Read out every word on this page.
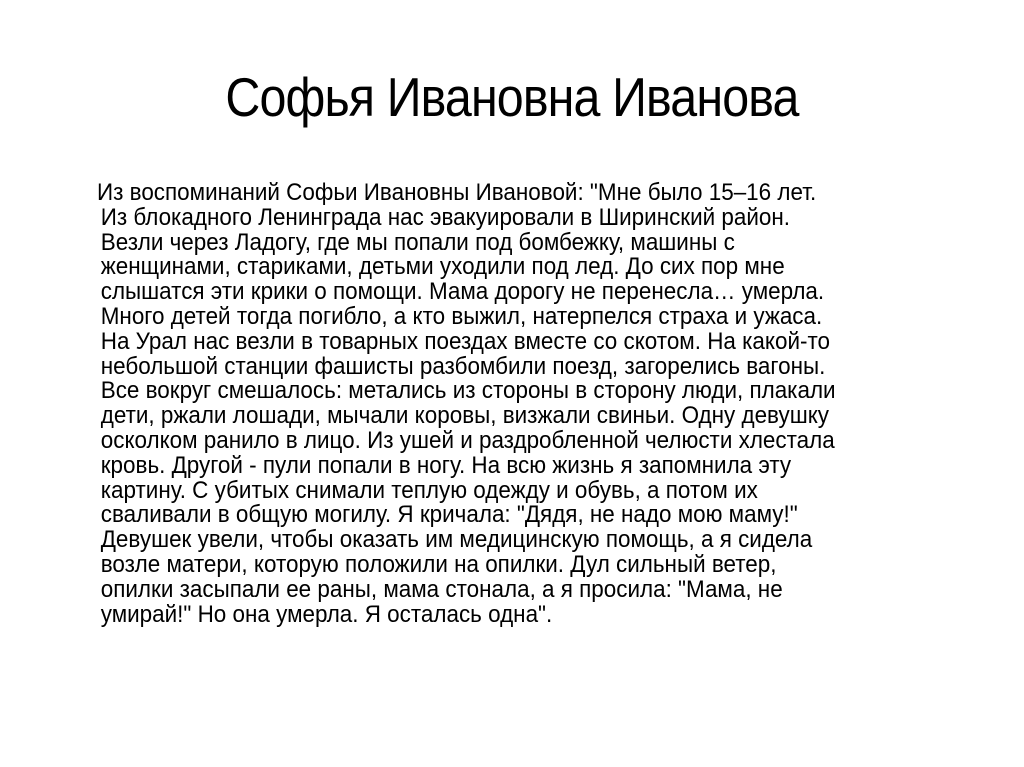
Софья Ивановна Иванова
Из воспоминаний Софьи Ивановны Ивановой: "Мне было 15–16 лет.
Из блокадного Ленинграда нас эвакуировали в Ширинский район.
Везли через Ладогу, где мы попали под бомбежку, машины с
женщинами, стариками, детьми уходили под лед. До сих пор мне
слышатся эти крики о помощи. Мама дорогу не перенесла… умерла.
Много детей тогда погибло, а кто выжил, натерпелся страха и ужаса.
На Урал нас везли в товарных поездах вместе со скотом. На какой-то
небольшой станции фашисты разбомбили поезд, загорелись вагоны.
Все вокруг смешалось: метались из стороны в сторону люди, плакали
дети, ржали лошади, мычали коровы, визжали свиньи. Одну девушку
осколком ранило в лицо. Из ушей и раздробленной челюсти хлестала
кровь. Другой - пули попали в ногу. На всю жизнь я запомнила эту
картину. С убитых снимали теплую одежду и обувь, а потом их
сваливали в общую могилу. Я кричала: "Дядя, не надо мою маму!"
Девушек увели, чтобы оказать им медицинскую помощь, а я сидела
возле матери, которую положили на опилки. Дул сильный ветер,
опилки засыпали ее раны, мама стонала, а я просила: "Мама, не
умирай!" Но она умерла. Я осталась одна".
